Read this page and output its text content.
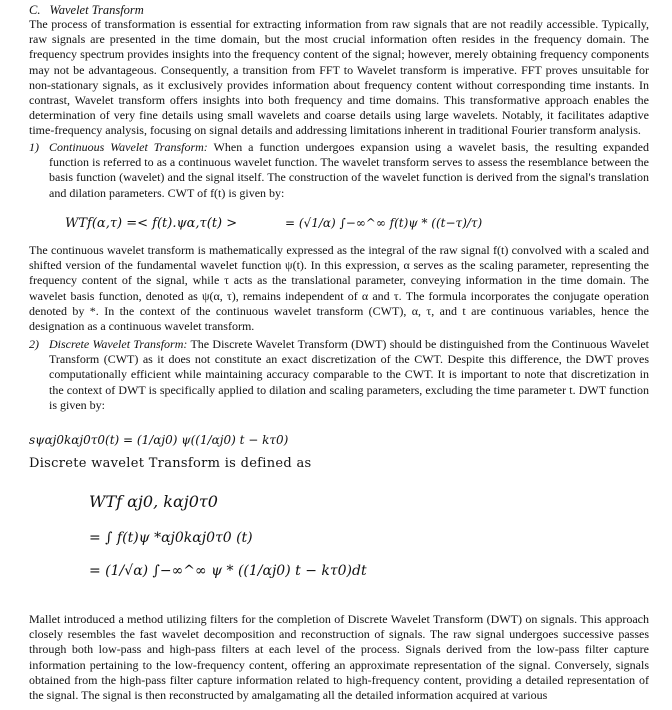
C. Wavelet Transform
The process of transformation is essential for extracting information from raw signals that are not readily accessible. Typically, raw signals are presented in the time domain, but the most crucial information often resides in the frequency domain. The frequency spectrum provides insights into the frequency content of the signal; however, merely obtaining frequency components may not be advantageous. Consequently, a transition from FFT to Wavelet transform is imperative. FFT proves unsuitable for non-stationary signals, as it exclusively provides information about frequency content without corresponding time instants. In contrast, Wavelet transform offers insights into both frequency and time domains. This transformative approach enables the determination of very fine details using small wavelets and coarse details using large wavelets. Notably, it facilitates adaptive time-frequency analysis, focusing on signal details and addressing limitations inherent in traditional Fourier transform analysis.
1) Continuous Wavelet Transform: When a function undergoes expansion using a wavelet basis, the resulting expanded function is referred to as a continuous wavelet function. The wavelet transform serves to assess the resemblance between the basis function (wavelet) and the signal itself. The construction of the wavelet function is derived from the signal's translation and dilation parameters. CWT of f(t) is given by:
WTf(α,τ) =< f(t).ψα,τ(t) >	= (√1/α) ∫−∞^∞ f(t)ψ * ((t−τ)/τ)
The continuous wavelet transform is mathematically expressed as the integral of the raw signal f(t) convolved with a scaled and shifted version of the fundamental wavelet function ψ(t). In this expression, α serves as the scaling parameter, representing the frequency content of the signal, while τ acts as the translational parameter, conveying information in the time domain. The wavelet basis function, denoted as ψ(α, τ), remains independent of α and τ. The formula incorporates the conjugate operation denoted by *. In the context of the continuous wavelet transform (CWT), α, τ, and t are continuous variables, hence the designation as a continuous wavelet transform.
2) Discrete Wavelet Transform: The Discrete Wavelet Transform (DWT) should be distinguished from the Continuous Wavelet Transform (CWT) as it does not constitute an exact discretization of the CWT. Despite this difference, the DWT proves computationally efficient while maintaining accuracy comparable to the CWT. It is important to note that discretization in the context of DWT is specifically applied to dilation and scaling parameters, excluding the time parameter t. DWT function is given by:
sψαj0kαj0τ0(t) = (1/αj0) ψ((1/αj0) t − kτ0)
Discrete wavelet Transform is defined as
WTf αj0, kαj0τ0
= ∫ f(t)ψ *αj0kαj0τ0 (t)
= (1/√α) ∫−∞^∞ ψ * ((1/αj0) t − kτ0)dt
Mallet introduced a method utilizing filters for the completion of Discrete Wavelet Transform (DWT) on signals. This approach closely resembles the fast wavelet decomposition and reconstruction of signals. The raw signal undergoes successive passes through both low-pass and high-pass filters at each level of the process. Signals derived from the low-pass filter capture information pertaining to the low-frequency content, offering an approximate representation of the signal. Conversely, signals obtained from the high-pass filter capture information related to high-frequency content, providing a detailed representation of the signal. The signal is then reconstructed by amalgamating all the detailed information acquired at various
